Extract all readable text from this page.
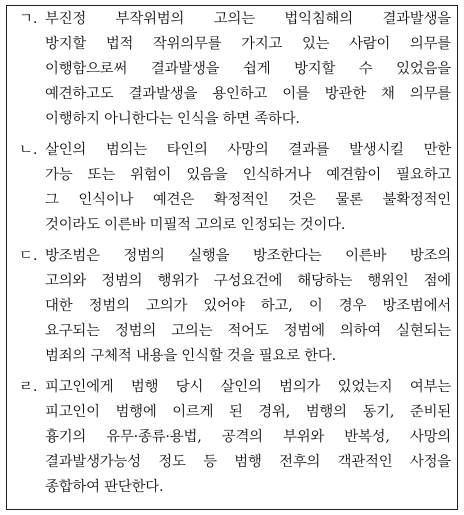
ㄱ. 부진정 부작위범의 고의는 법익침해의 결과발생을
방지할 법적 작위의무를 가지고 있는 사람이 의무를
이행함으로써 결과발생을 쉽게 방지할 수 있었음을
예견하고도 결과발생을 용인하고 이를 방관한 채 의무를
이행하지 아니한다는 인식을 하면 족하다.
ㄴ. 살인의 범의는 타인의 사망의 결과를 발생시킬 만한
가능 또는 위험이 있음을 인식하거나 예견함이 필요하고
그 인식이나 예견은 확정적인 것은 물론 불확정적인
것이라도 이른바 미필적 고의로 인정되는 것이다.
ㄷ. 방조범은 정범의 실행을 방조한다는 이른바 방조의
고의와 정범의 행위가 구성요건에 해당하는 행위인 점에
대한 정범의 고의가 있어야 하고, 이 경우 방조범에서
요구되는 정범의 고의는 적어도 정범에 의하여 실현되는
범죄의 구체적 내용을 인식할 것을 필요로 한다.
ㄹ. 피고인에게 범행 당시 살인의 범의가 있었는지 여부는
피고인이 범행에 이르게 된 경위, 범행의 동기, 준비된
흉기의 유무·종류·용법, 공격의 부위와 반복성, 사망의
결과발생가능성 정도 등 범행 전후의 객관적인 사정을
종합하여 판단한다.
